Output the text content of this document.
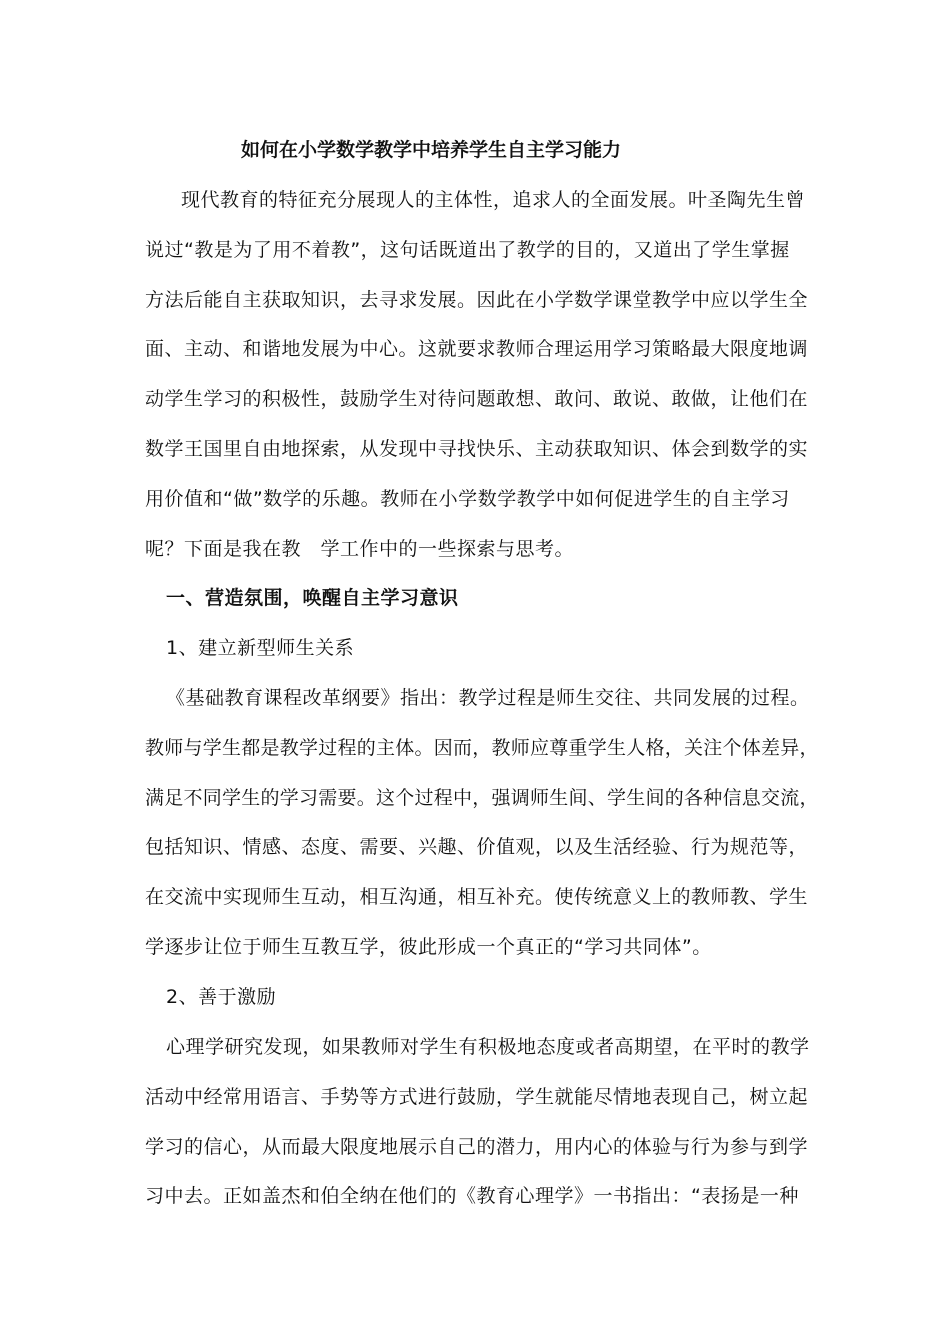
如何在小学数学教学中培养学生自主学习能力
现代教育的特征充分展现人的主体性，追求人的全面发展。叶圣陶先生曾
说过“教是为了用不着教”，这句话既道出了教学的目的，又道出了学生掌握
方法后能自主获取知识，去寻求发展。因此在小学数学课堂教学中应以学生全
面、主动、和谐地发展为中心。这就要求教师合理运用学习策略最大限度地调
动学生学习的积极性，鼓励学生对待问题敢想、敢问、敢说、敢做，让他们在
数学王国里自由地探索，从发现中寻找快乐、主动获取知识、体会到数学的实
用价值和“做”数学的乐趣。教师在小学数学教学中如何促进学生的自主学习
呢？下面是我在教　学工作中的一些探索与思考。
一、营造氛围，唤醒自主学习意识
1、建立新型师生关系
《基础教育课程改革纲要》指出：教学过程是师生交往、共同发展的过程。
教师与学生都是教学过程的主体。因而，教师应尊重学生人格，关注个体差异，
满足不同学生的学习需要。这个过程中，强调师生间、学生间的各种信息交流，
包括知识、情感、态度、需要、兴趣、价值观，以及生活经验、行为规范等，
在交流中实现师生互动，相互沟通，相互补充。使传统意义上的教师教、学生
学逐步让位于师生互教互学，彼此形成一个真正的“学习共同体”。
2、善于激励
心理学研究发现，如果教师对学生有积极地态度或者高期望，在平时的教学
活动中经常用语言、手势等方式进行鼓励，学生就能尽情地表现自己，树立起
学习的信心，从而最大限度地展示自己的潜力，用内心的体验与行为参与到学
习中去。正如盖杰和伯全纳在他们的《教育心理学》一书指出：“表扬是一种
